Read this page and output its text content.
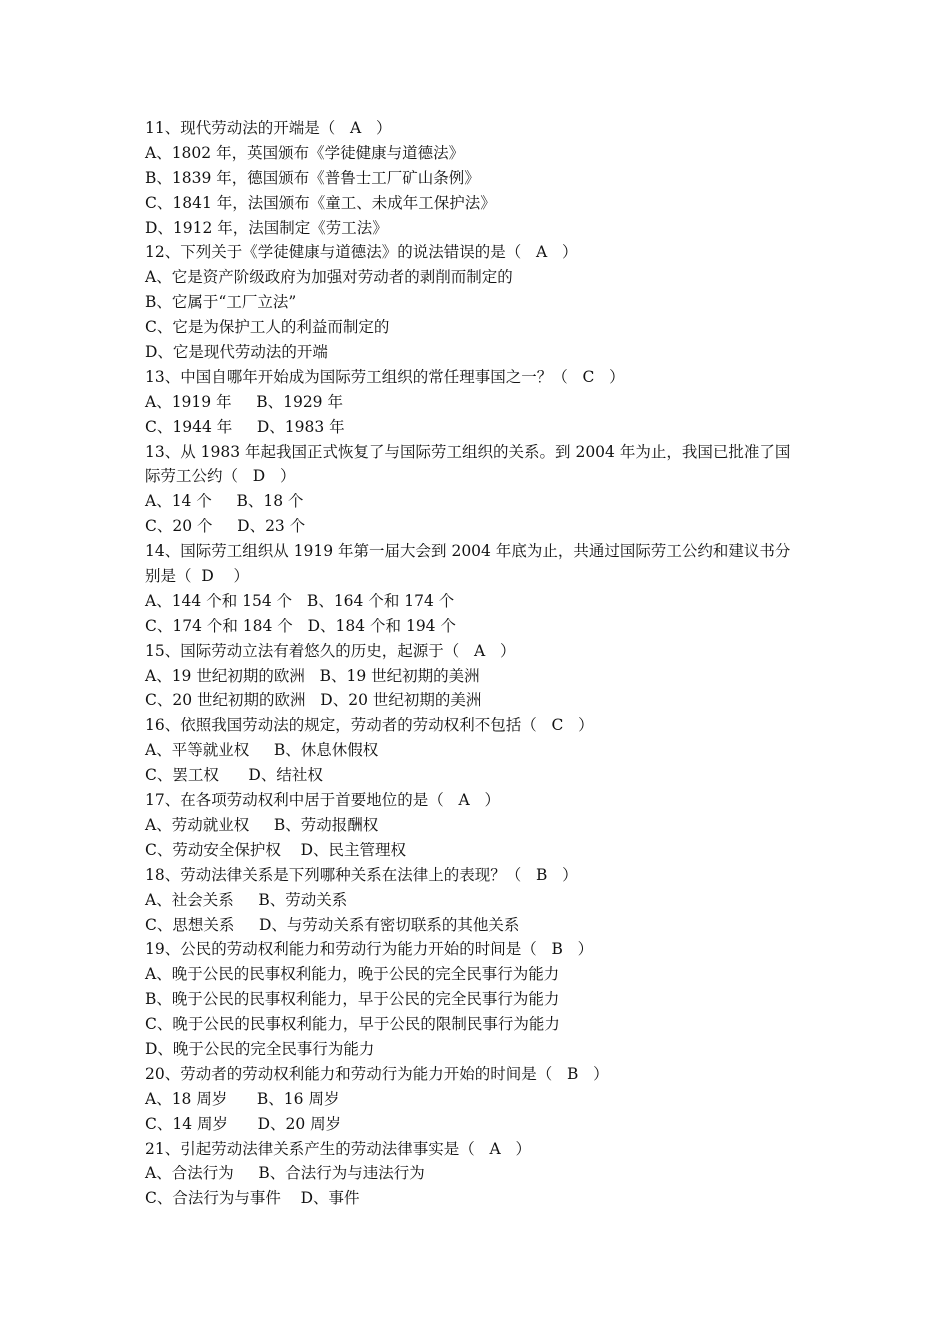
11、现代劳动法的开端是（   A   ）
A、1802 年，英国颁布《学徒健康与道德法》
B、1839 年，德国颁布《普鲁士工厂矿山条例》
C、1841 年，法国颁布《童工、未成年工保护法》
D、1912 年，法国制定《劳工法》
12、下列关于《学徒健康与道德法》的说法错误的是（   A   ）
A、它是资产阶级政府为加强对劳动者的剥削而制定的
B、它属于“工厂立法”
C、它是为保护工人的利益而制定的
D、它是现代劳动法的开端
13、中国自哪年开始成为国际劳工组织的常任理事国之一？（   C   ）
A、1919 年     B、1929 年
C、1944 年     D、1983 年
13、从 1983 年起我国正式恢复了与国际劳工组织的关系。到 2004 年为止，我国已批准了国
际劳工公约（   D   ）
A、14 个     B、18 个
C、20 个     D、23 个
14、国际劳工组织从 1919 年第一届大会到 2004 年底为止，共通过国际劳工公约和建议书分
别是（  D    ）
A、144 个和 154 个   B、164 个和 174 个
C、174 个和 184 个   D、184 个和 194 个
15、国际劳动立法有着悠久的历史，起源于（   A   ）
A、19 世纪初期的欧洲   B、19 世纪初期的美洲
C、20 世纪初期的欧洲   D、20 世纪初期的美洲
16、依照我国劳动法的规定，劳动者的劳动权利不包括（   C   ）
A、平等就业权     B、休息休假权
C、罢工权      D、结社权
17、在各项劳动权利中居于首要地位的是（   A   ）
A、劳动就业权     B、劳动报酬权
C、劳动安全保护权    D、民主管理权
18、劳动法律关系是下列哪种关系在法律上的表现？（   B   ）
A、社会关系     B、劳动关系
C、思想关系     D、与劳动关系有密切联系的其他关系
19、公民的劳动权利能力和劳动行为能力开始的时间是（   B   ）
A、晚于公民的民事权利能力，晚于公民的完全民事行为能力
B、晚于公民的民事权利能力，早于公民的完全民事行为能力
C、晚于公民的民事权利能力，早于公民的限制民事行为能力
D、晚于公民的完全民事行为能力
20、劳动者的劳动权利能力和劳动行为能力开始的时间是（   B   ）
A、18 周岁      B、16 周岁
C、14 周岁      D、20 周岁
21、引起劳动法律关系产生的劳动法律事实是（   A   ）
A、合法行为     B、合法行为与违法行为
C、合法行为与事件    D、事件
